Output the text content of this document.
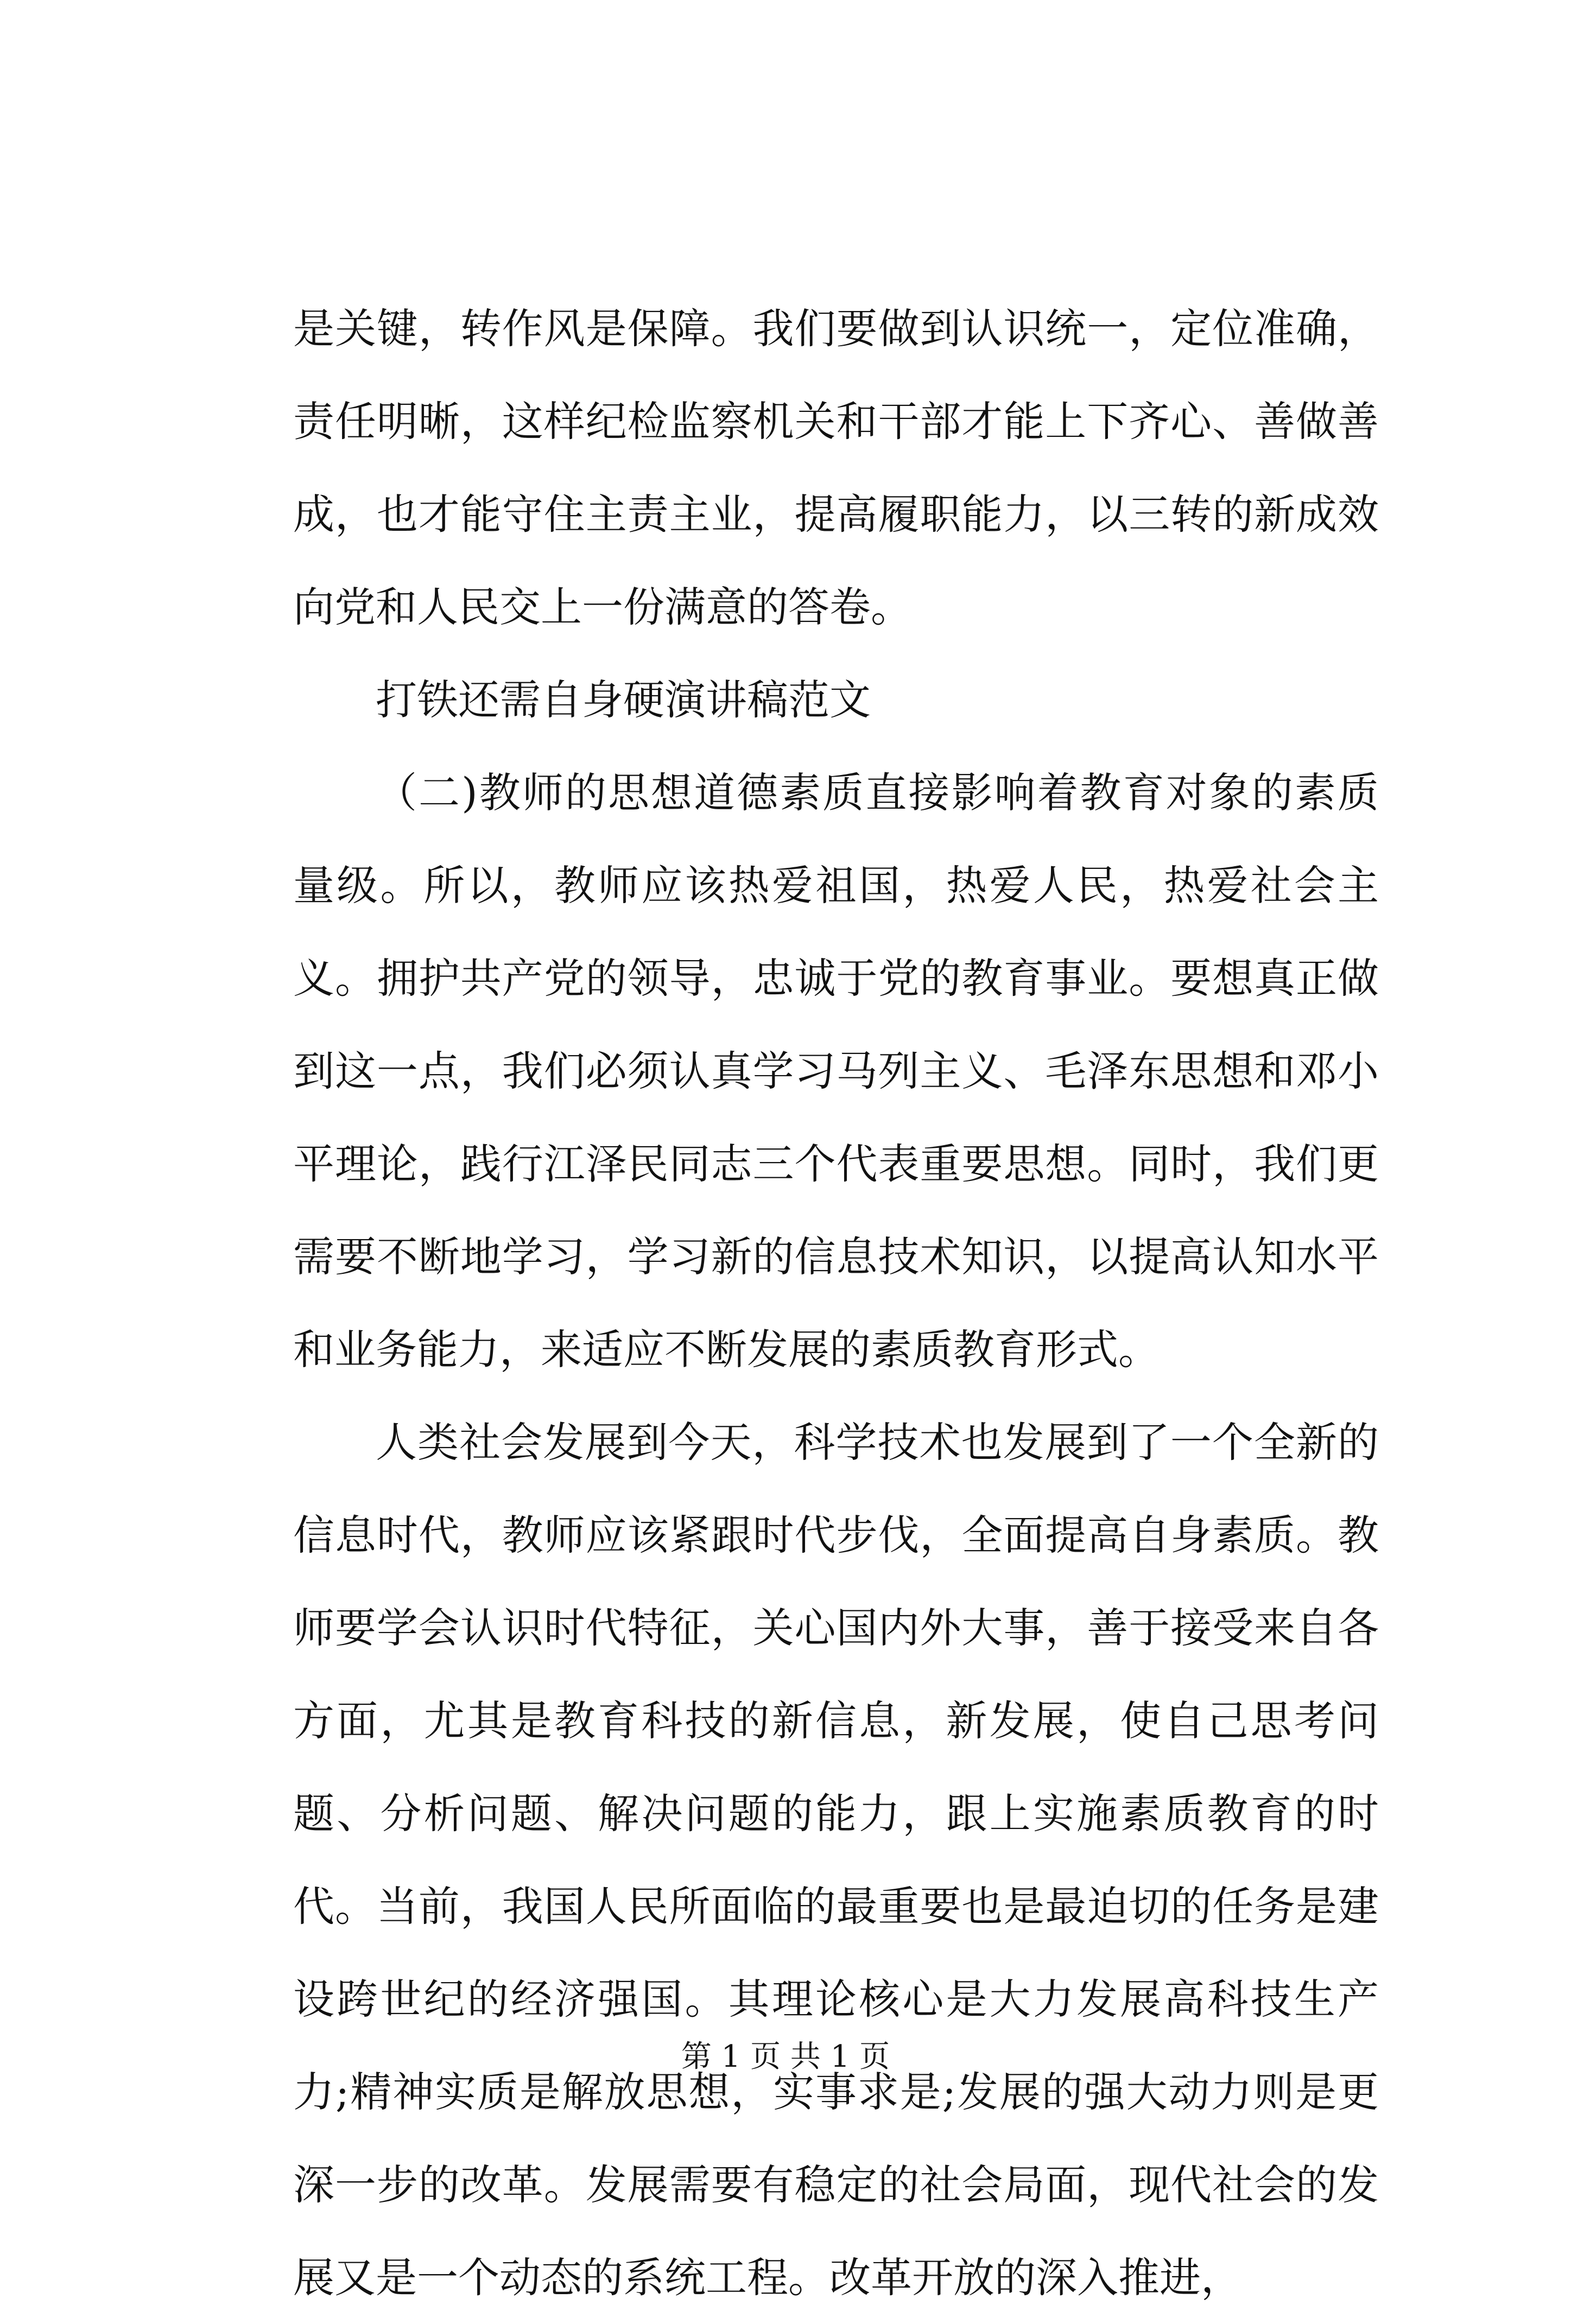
是关键，转作风是保障。我们要做到认识统一，定位准确，责任明晰，这样纪检监察机关和干部才能上下齐心、善做善成，也才能守住主责主业，提高履职能力，以三转的新成效向党和人民交上一份满意的答卷。

打铁还需自身硬演讲稿范文

（二)教师的思想道德素质直接影响着教育对象的素质量级。所以，教师应该热爱祖国，热爱人民，热爱社会主义。拥护共产党的领导，忠诚于党的教育事业。要想真正做到这一点，我们必须认真学习马列主义、毛泽东思想和邓小平理论，践行江泽民同志三个代表重要思想。同时，我们更需要不断地学习，学习新的信息技术知识，以提高认知水平和业务能力，来适应不断发展的素质教育形式。

人类社会发展到今天，科学技术也发展到了一个全新的信息时代，教师应该紧跟时代步伐，全面提高自身素质。教师要学会认识时代特征，关心国内外大事，善于接受来自各方面，尤其是教育科技的新信息，新发展，使自己思考问题、分析问题、解决问题的能力，跟上实施素质教育的时代。当前，我国人民所面临的最重要也是最迫切的任务是建设跨世纪的经济强国。其理论核心是大力发展高科技生产力;精神实质是解放思想，实事求是;发展的强大动力则是更深一步的改革。发展需要有稳定的社会局面，现代社会的发展又是一个动态的系统工程。改革开放的深入推进，

第 1 页 共 1 页
